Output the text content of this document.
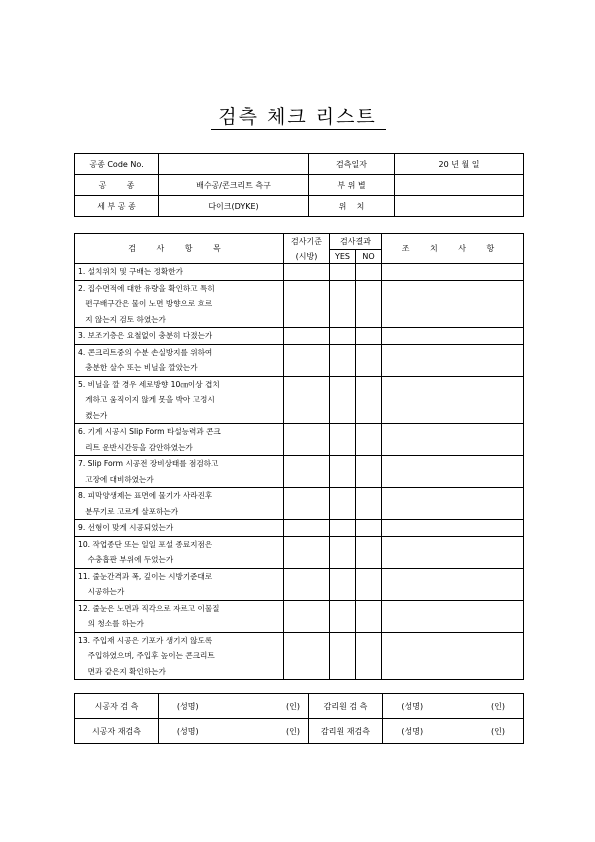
검측 체크 리스트
공종 Code No.		검측일자	20 년 월 일
공        종	배수공/콘크리트 측구	부 위 별	
세 부 공 종	다이크(DYKE)	위    치	
검 사 항 목	검사기준	검사결과		조 치 사 항
	(시방)	YES	NO	

1. 설치위치 및 구배는 정확한가				

2. 집수면적에 대한 유량을 확인하고 특히
편구배구간은 물이 노면 방향으로 흐르
지 않는지 검토 하였는가				

3. 보조기층은 요철없이 충분히 다졌는가				

4. 콘크리트중의 수분 손실방지를 위하여
충분한 살수 또는 비닐을 깔았는가				

5. 비닐을 깔 경우 세로방향 10㎝이상 겹치
게하고 움직이지 않게 못을 박아 고정시
켰는가				

6. 기계 시공시 Slip Form 타설능력과 콘크
리트 운반시간등을 감안하였는가				

7. Slip Form 시공전 장비상태를 점검하고
고장에 대비하였는가				

8. 피막양생제는 표면에 물기가 사라진후
분무기로 고르게 살포하는가				

9. 선형이 맞게 시공되었는가				

10. 작업종단 또는 일일 포설 종료지점은
수충흡판 부위에 두었는가				

11. 줄눈간격과 폭, 깊이는 시방기준대로
시공하는가				

12. 줄눈은 노면과 직각으로 자르고 이물질
의 청소를 하는가				

13. 주입재 시공은 기포가 생기지 않도록
주입하였으며, 주입후 높이는 콘크리트
면과 같은지 확인하는가				

시공자 검 측	(성명)	(인)	감리원 검 측	(성명)	(인)
시공자 재검측	(성명)	(인)	감리원 재검측	(성명)	(인)
